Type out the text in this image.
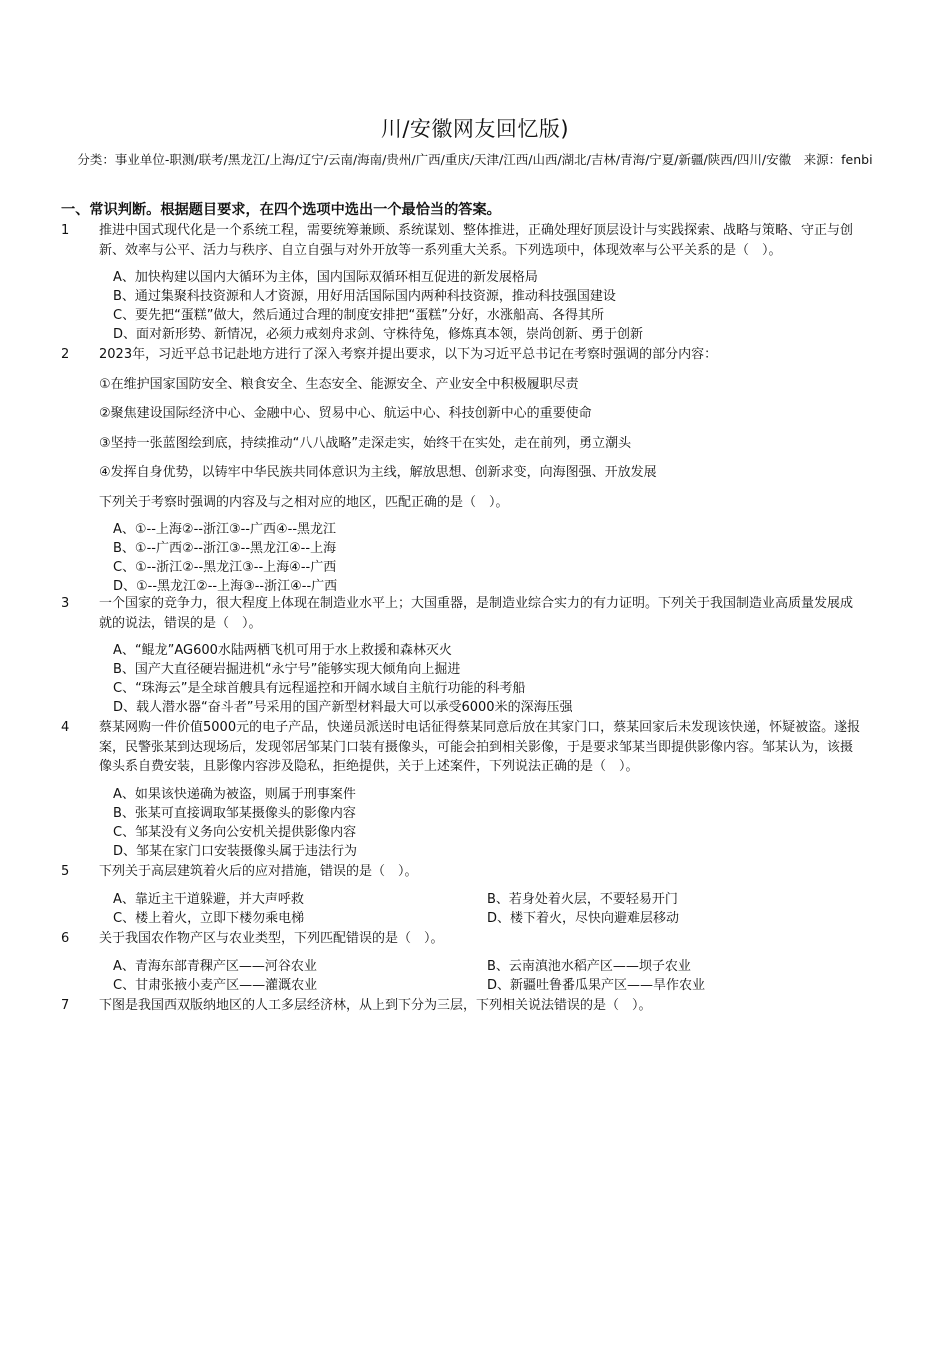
川/安徽网友回忆版)
分类：事业单位-职测/联考/黑龙江/上海/辽宁/云南/海南/贵州/广西/重庆/天津/江西/山西/湖北/吉林/青海/宁夏/新疆/陕西/四川/安徽　来源：fenbi
一、常识判断。根据题目要求，在四个选项中选出一个最恰当的答案。
1	推进中国式现代化是一个系统工程，需要统筹兼顾、系统谋划、整体推进，正确处理好顶层设计与实践探索、战略与策略、守正与创新、效率与公平、活力与秩序、自立自强与对外开放等一系列重大关系。下列选项中，体现效率与公平关系的是（　）。
A、加快构建以国内大循环为主体，国内国际双循环相互促进的新发展格局
B、通过集聚科技资源和人才资源，用好用活国际国内两种科技资源，推动科技强国建设
C、要先把“蛋糕”做大，然后通过合理的制度安排把“蛋糕”分好，水涨船高、各得其所
D、面对新形势、新情况，必须力戒刻舟求剑、守株待兔，修炼真本领，崇尚创新、勇于创新
2	2023年，习近平总书记赴地方进行了深入考察并提出要求，以下为习近平总书记在考察时强调的部分内容：
①在维护国家国防安全、粮食安全、生态安全、能源安全、产业安全中积极履职尽责
②聚焦建设国际经济中心、金融中心、贸易中心、航运中心、科技创新中心的重要使命
③坚持一张蓝图绘到底，持续推动“八八战略”走深走实，始终干在实处，走在前列，勇立潮头
④发挥自身优势，以铸牢中华民族共同体意识为主线，解放思想、创新求变，向海图强、开放发展
下列关于考察时强调的内容及与之相对应的地区，匹配正确的是（　）。
A、①--上海②--浙江③--广西④--黑龙江
B、①--广西②--浙江③--黑龙江④--上海
C、①--浙江②--黑龙江③--上海④--广西
D、①--黑龙江②--上海③--浙江④--广西
3	一个国家的竞争力，很大程度上体现在制造业水平上；大国重器，是制造业综合实力的有力证明。下列关于我国制造业高质量发展成就的说法，错误的是（　）。
A、“鲲龙”AG600水陆两栖飞机可用于水上救援和森林灭火
B、国产大直径硬岩掘进机“永宁号”能够实现大倾角向上掘进
C、“珠海云”是全球首艘具有远程遥控和开阔水域自主航行功能的科考船
D、载人潜水器“奋斗者”号采用的国产新型材料最大可以承受6000米的深海压强
4	蔡某网购一件价值5000元的电子产品，快递员派送时电话征得蔡某同意后放在其家门口，蔡某回家后未发现该快递，怀疑被盗。遂报案，民警张某到达现场后，发现邻居邹某门口装有摄像头，可能会拍到相关影像，于是要求邹某当即提供影像内容。邹某认为，该摄像头系自费安装，且影像内容涉及隐私，拒绝提供，关于上述案件，下列说法正确的是（　）。
A、如果该快递确为被盗，则属于刑事案件
B、张某可直接调取邹某摄像头的影像内容
C、邹某没有义务向公安机关提供影像内容
D、邹某在家门口安装摄像头属于违法行为
5	下列关于高层建筑着火后的应对措施，错误的是（　）。
A、靠近主干道躲避，并大声呼救	B、若身处着火层，不要轻易开门
C、楼上着火，立即下楼勿乘电梯	D、楼下着火，尽快向避难层移动
6	关于我国农作物产区与农业类型，下列匹配错误的是（　）。
A、青海东部青稞产区——河谷农业	B、云南滇池水稻产区——坝子农业
C、甘肃张掖小麦产区——灌溉农业	D、新疆吐鲁番瓜果产区——旱作农业
7	下图是我国西双版纳地区的人工多层经济林，从上到下分为三层，下列相关说法错误的是（　）。
